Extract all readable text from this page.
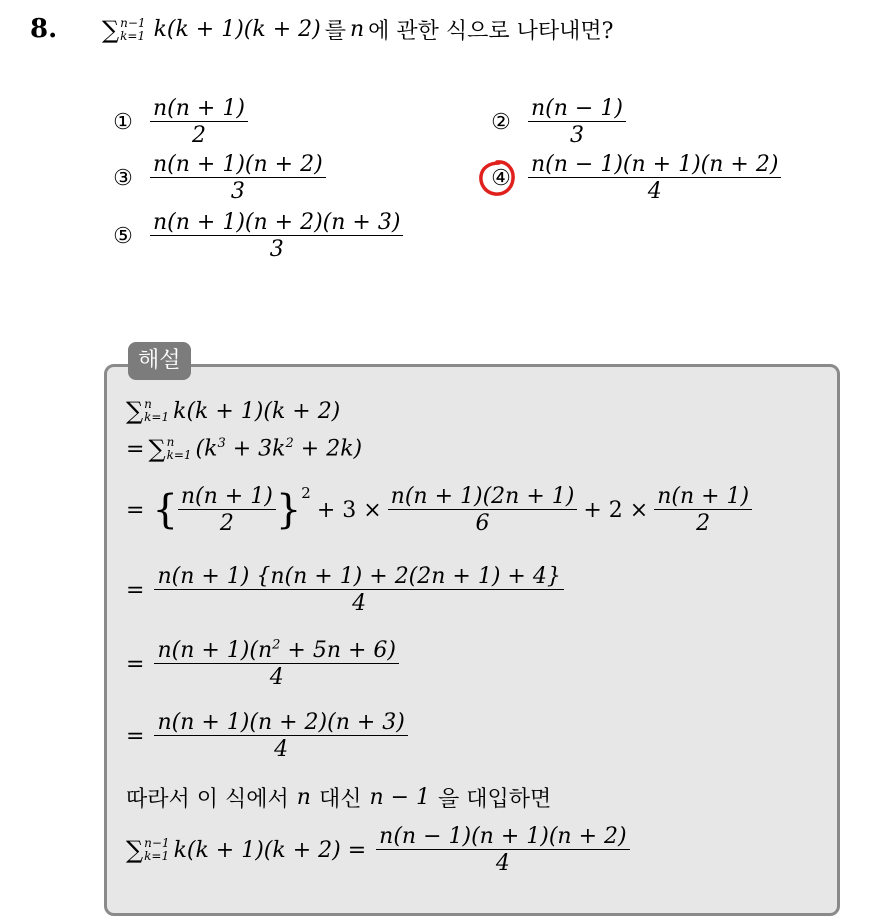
8. ∑ n−1
k=1 k(k + 1)(k + 2) 를 n 에 관한 식으로 나타내면?
① $\frac{n(n + 1)}{2}$	② $\frac{n(n - 1)}{3}$
③ $\frac{n(n + 1)(n + 2)}{3}$	④ $\frac{n(n - 1)(n + 1)(n + 2)}{4}$
⑤ $\frac{n(n + 1)(n + 2)(n + 3)}{3}$
해설
∑ n
k=1 k(k + 1)(k + 2)
= ∑ n
k=1 $(k^3 + 3k^2 + 2k)$
= { $\frac{n(n + 1)}{2}$ } 2
+ $3 \times \frac{n(n + 1)(2n + 1)}{6} + 2 \times \frac{n(n + 1)}{2}$
= $\frac{n(n + 1) \{n(n + 1) + 2(2n + 1) + 4\}}{4}$
= $\frac{n(n + 1)(n^2 + 5n + 6)}{4}$
= $\frac{n(n + 1)(n + 2)(n + 3)}{4}$
따라서 이 식에서 n 대신 n − 1 을 대입하면
∑ n−1
k=1 $k(k + 1)(k + 2) = \frac{n(n - 1)(n + 1)(n + 2)}{4}$
